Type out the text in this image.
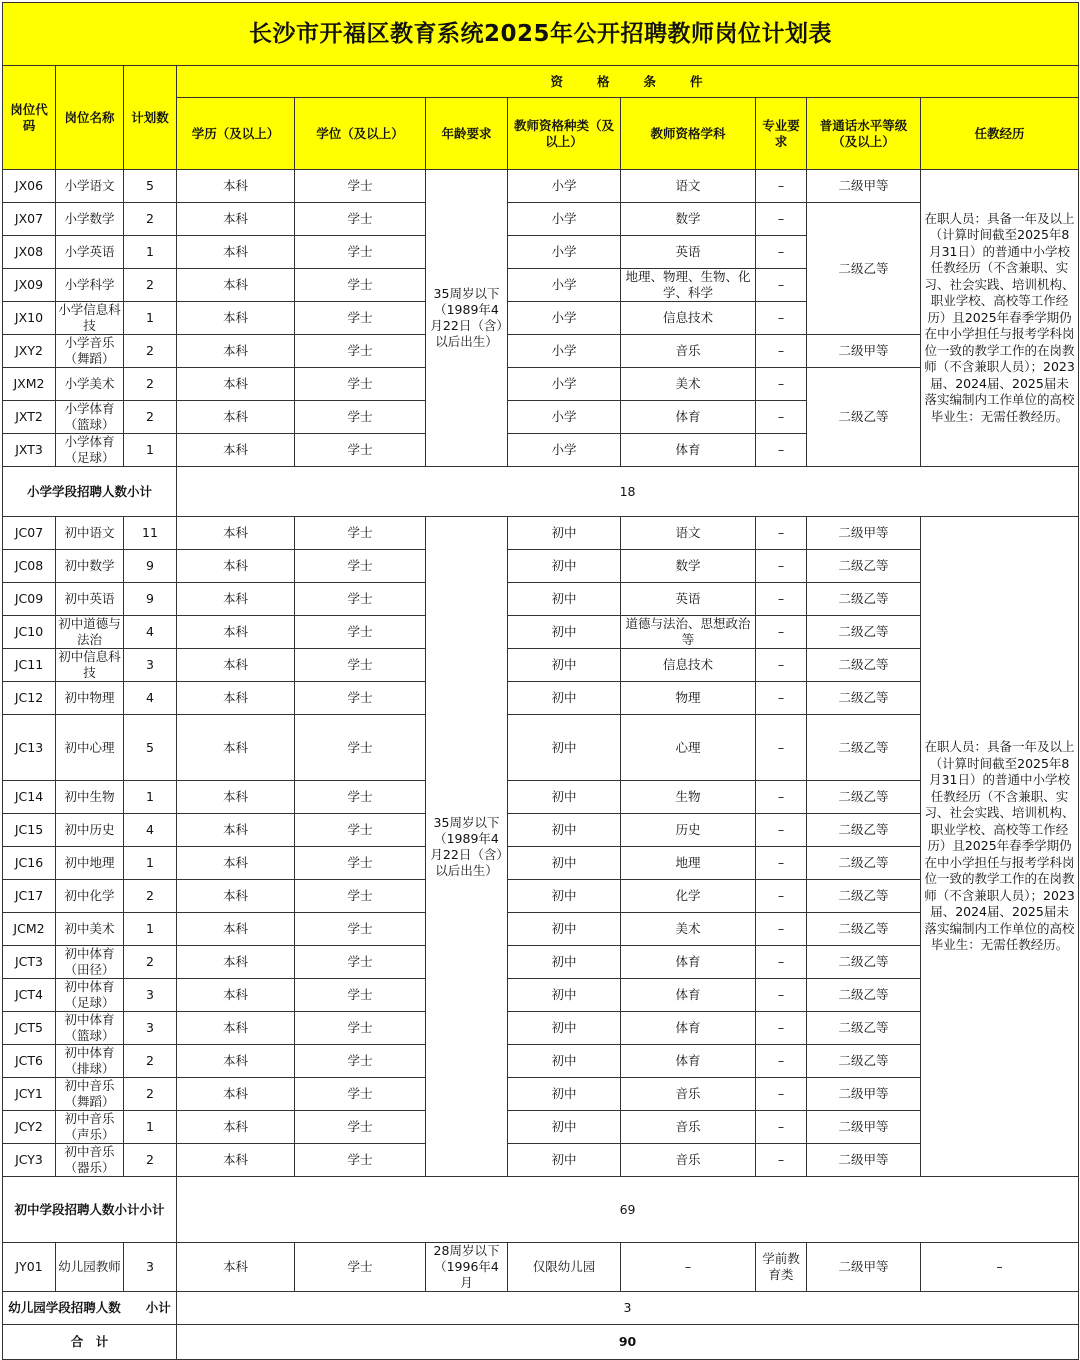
长沙市开福区教育系统2025年公开招聘教师岗位计划表										
岗位代码	岗位名称	计划数	资格条件							
			学历（及以上）	学位（及以上）	年龄要求	教师资格种类（及以上）	教师资格学科	专业要求	普通话水平等级（及以上）	任教经历
JX06	小学语文	5	本科	学士	35周岁以下（1989年4月22日（含）以后出生）	小学	语文	–	二级甲等	在职人员：具备一年及以上（计算时间截至2025年8月31日）的普通中小学校任教经历（不含兼职、实习、社会实践、培训机构、职业学校、高校等工作经历）且2025年春季学期仍在中小学担任与报考学科岗位一致的教学工作的在岗教师（不含兼职人员）；2023届、2024届、2025届未落实编制内工作单位的高校毕业生：无需任教经历。
JX07	小学数学	2	本科	学士		小学	数学	–	二级乙等	
JX08	小学英语	1	本科	学士		小学	英语	–		
JX09	小学科学	2	本科	学士		小学	地理、物理、生物、化学、科学	–		
JX10	小学信息科技	1	本科	学士		小学	信息技术	–		
JXY2	小学音乐（舞蹈）	2	本科	学士		小学	音乐	–	二级甲等	
JXM2	小学美术	2	本科	学士		小学	美术	–	二级乙等	
JXT2	小学体育（篮球）	2	本科	学士		小学	体育	–		
JXT3	小学体育（足球）	1	本科	学士		小学	体育	–		
小学学段招聘人数小计			18							
JC07	初中语文	11	本科	学士	35周岁以下（1989年4月22日（含）以后出生）	初中	语文	–	二级甲等	在职人员：具备一年及以上（计算时间截至2025年8月31日）的普通中小学校任教经历（不含兼职、实习、社会实践、培训机构、职业学校、高校等工作经历）且2025年春季学期仍在中小学担任与报考学科岗位一致的教学工作的在岗教师（不含兼职人员）；2023届、2024届、2025届未落实编制内工作单位的高校毕业生：无需任教经历。
JC08	初中数学	9	本科	学士		初中	数学	–	二级乙等	
JC09	初中英语	9	本科	学士		初中	英语	–	二级乙等	
JC10	初中道德与法治	4	本科	学士		初中	道德与法治、思想政治等	–	二级乙等	
JC11	初中信息科技	3	本科	学士		初中	信息技术	–	二级乙等	
JC12	初中物理	4	本科	学士		初中	物理	–	二级乙等	
JC13	初中心理	5	本科	学士		初中	心理	–	二级乙等	
JC14	初中生物	1	本科	学士		初中	生物	–	二级乙等	
JC15	初中历史	4	本科	学士		初中	历史	–	二级乙等	
JC16	初中地理	1	本科	学士		初中	地理	–	二级乙等	
JC17	初中化学	2	本科	学士		初中	化学	–	二级乙等	
JCM2	初中美术	1	本科	学士		初中	美术	–	二级乙等	
JCT3	初中体育（田径）	2	本科	学士		初中	体育	–	二级乙等	
JCT4	初中体育（足球）	3	本科	学士		初中	体育	–	二级乙等	
JCT5	初中体育（篮球）	3	本科	学士		初中	体育	–	二级乙等	
JCT6	初中体育（排球）	2	本科	学士		初中	体育	–	二级乙等	
JCY1	初中音乐（舞蹈）	2	本科	学士		初中	音乐	–	二级甲等	
JCY2	初中音乐（声乐）	1	本科	学士		初中	音乐	–	二级甲等	
JCY3	初中音乐（器乐）	2	本科	学士		初中	音乐	–	二级甲等	
初中学段招聘人数小计小计			69							
JY01	幼儿园教师	3	本科	学士	28周岁以下（1996年4月	仅限幼儿园	–	学前教育类	二级甲等	–
幼儿园学段招聘人数　　小计			3							
合　计			90							
